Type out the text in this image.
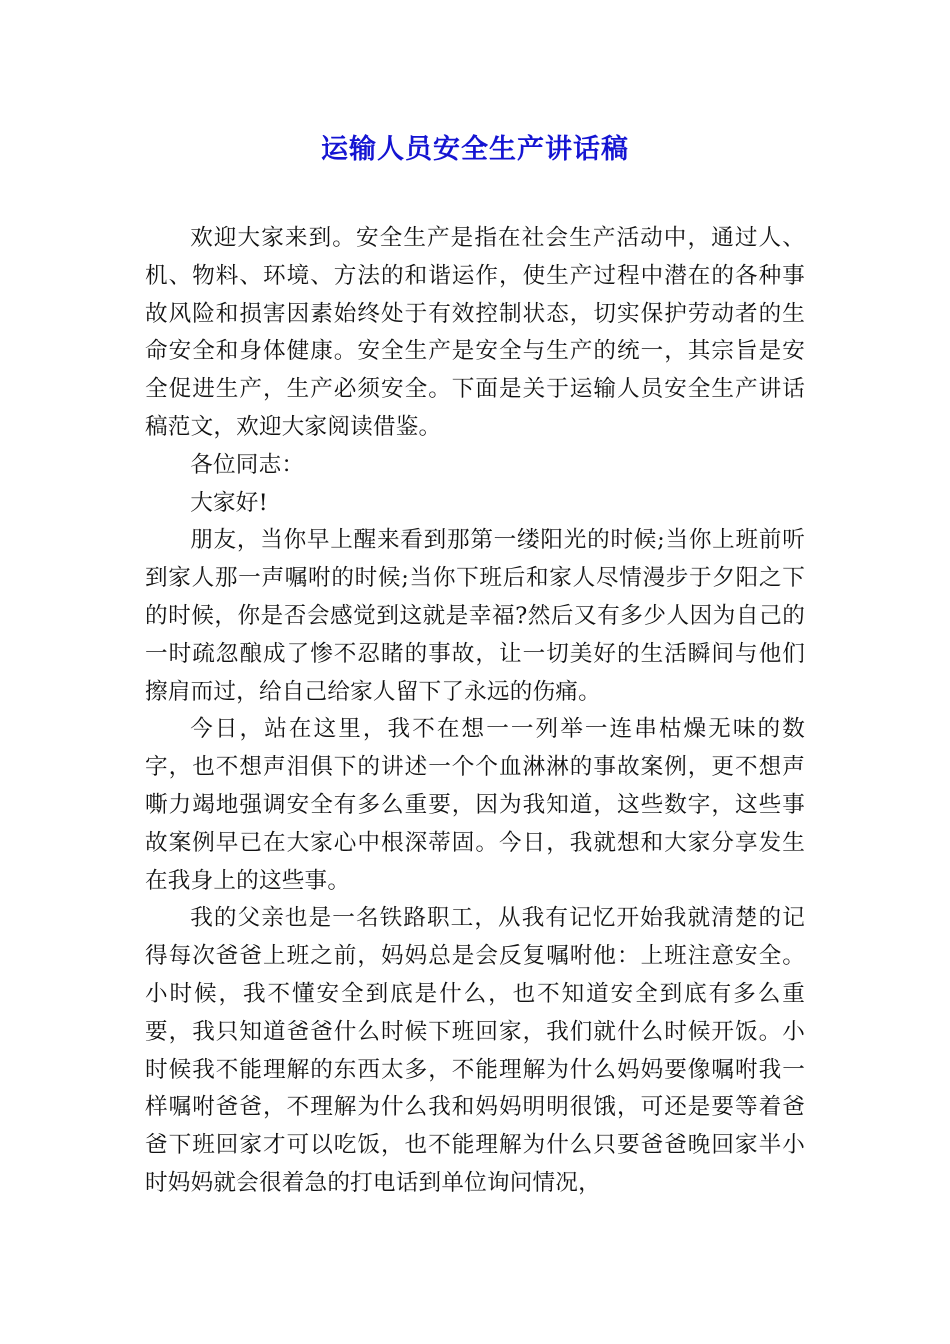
运输人员安全生产讲话稿

欢迎大家来到。安全生产是指在社会生产活动中，通过人、机、物料、环境、方法的和谐运作，使生产过程中潜在的各种事故风险和损害因素始终处于有效控制状态，切实保护劳动者的生命安全和身体健康。安全生产是安全与生产的统一，其宗旨是安全促进生产，生产必须安全。下面是关于运输人员安全生产讲话稿范文，欢迎大家阅读借鉴。

各位同志：

大家好!

朋友，当你早上醒来看到那第一缕阳光的时候;当你上班前听到家人那一声嘱咐的时候;当你下班后和家人尽情漫步于夕阳之下的时候，你是否会感觉到这就是幸福?然后又有多少人因为自己的一时疏忽酿成了惨不忍睹的事故，让一切美好的生活瞬间与他们擦肩而过，给自己给家人留下了永远的伤痛。

今日，站在这里，我不在想一一列举一连串枯燥无味的数字，也不想声泪俱下的讲述一个个血淋淋的事故案例，更不想声嘶力竭地强调安全有多么重要，因为我知道，这些数字，这些事故案例早已在大家心中根深蒂固。今日，我就想和大家分享发生在我身上的这些事。

我的父亲也是一名铁路职工，从我有记忆开始我就清楚的记得每次爸爸上班之前，妈妈总是会反复嘱咐他：上班注意安全。小时候，我不懂安全到底是什么，也不知道安全到底有多么重要，我只知道爸爸什么时候下班回家，我们就什么时候开饭。小时候我不能理解的东西太多，不能理解为什么妈妈要像嘱咐我一样嘱咐爸爸，不理解为什么我和妈妈明明很饿，可还是要等着爸爸下班回家才可以吃饭，也不能理解为什么只要爸爸晚回家半小时妈妈就会很着急的打电话到单位询问情况，
